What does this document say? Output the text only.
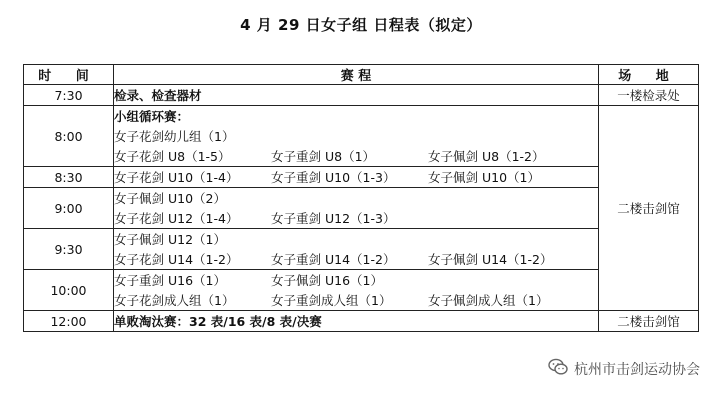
4 月 29 日女子组 日程表（拟定）
时 间	赛 程	场 地
7:30	检录、检查器材	一楼检录处
8:00	小组循环赛：
女子花剑幼儿组（1）
女子花剑 U8（1-5） 女子重剑 U8（1） 女子佩剑 U8（1-2）	二楼击剑馆
8:30	女子花剑 U10（1-4） 女子重剑 U10（1-3） 女子佩剑 U10（1）	

9:00	女子佩剑 U10（2）
女子花剑 U12（1-4） 女子重剑 U12（1-3）	

9:30	女子佩剑 U12（1）
女子花剑 U14（1-2） 女子重剑 U14（1-2） 女子佩剑 U14（1-2）	

10:00	女子重剑 U16（1） 女子佩剑 U16（1）
女子花剑成人组（1） 女子重剑成人组（1） 女子佩剑成人组（1）	

12:00	单败淘汰赛：32 表/16 表/8 表/决赛	二楼击剑馆
杭州市击剑运动协会
